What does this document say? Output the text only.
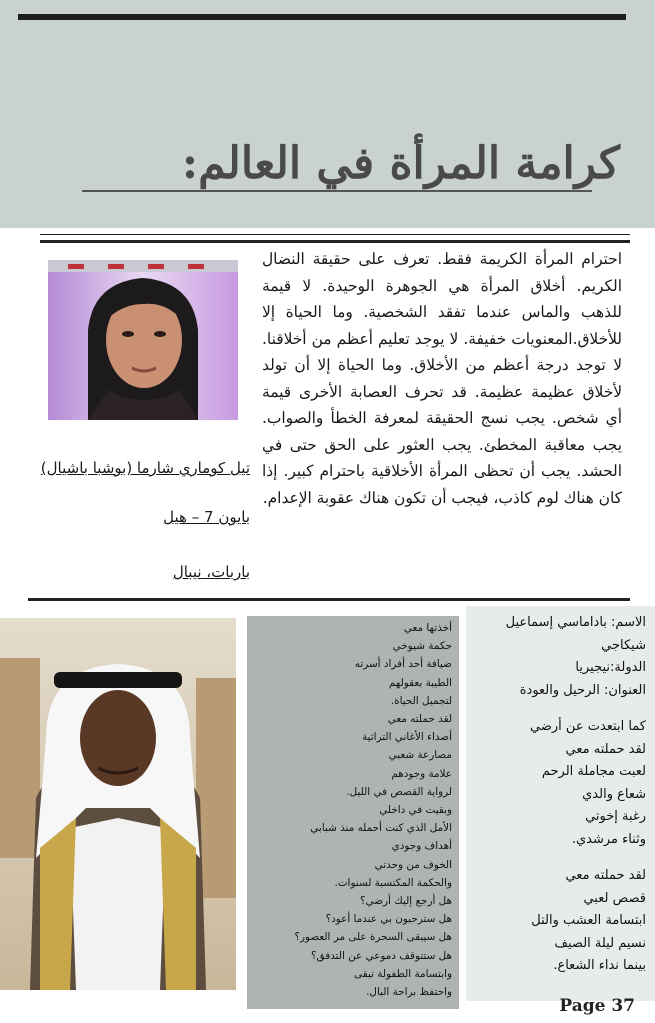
كرامة المرأة في العالم:
تيل كوماري شارما (بوشبا باشيال)
بايون 7 – هيل
باربات، نيبال
احترام المرأة الكريمة فقط. تعرف على حقيقة النضال الكريم. أخلاق المرأة هي الجوهرة الوحيدة. لا قيمة للذهب والماس عندما تفقد الشخصية. وما الحياة إلا للأخلاق.المعنويات خفيفة. لا يوجد تعليم أعظم من أخلاقنا. لا توجد درجة أعظم من الأخلاق. وما الحياة إلا أن تولد لأخلاق عظيمة عظيمة. قد تحرف العصابة الأخرى قيمة أي شخص. يجب نسج الحقيقة لمعرفة الخطأ والصواب. يجب معاقبة المخطئ. يجب العثور على الحق حتى في الحشد. يجب أن تحظى المرأة الأخلاقية باحترام كبير. إذا كان هناك لوم كاذب، فيجب أن تكون هناك عقوبة الإعدام.
أخذتها معي
حكمة شيوخي
ضيافة أحد أفراد أسرته
الطيبة بعقولهم
لتجميل الحياة.
لقد حملته معي
أصداء الأغاني التراثية
مصارعة شعبي
علامة وجودهم
لرواية القصص في الليل.
وبقيت في داخلي
الأمل الذي كنت أحمله منذ شبابي
أهداف وجودي
الخوف من وحدتي
والحكمة المكتسبة لسنوات.
هل أرجع إليك أرضي؟
هل سترحبون بي عندما أعود؟
هل سيبقى السحرة على مر العصور؟
هل ستتوقف دموعي عن التدفق؟
وابتسامة الطفولة تبقى
واحتفظ براحة البال.
الاسم: باداماسي إسماعيل شيكاجي
الدولة:نيجيريا
العنوان: الرحيل والعودة
كما ابتعدت عن أرضي
لقد حملته معي
لعبت مجاملة الرحم
شعاع والدي
رغبة إخوتي
وثناء مرشدي.
لقد حملته معي
قصص لعبي
ابتسامة العشب والتل
نسيم ليلة الصيف
بينما نداء الشعاع.
Page 37
